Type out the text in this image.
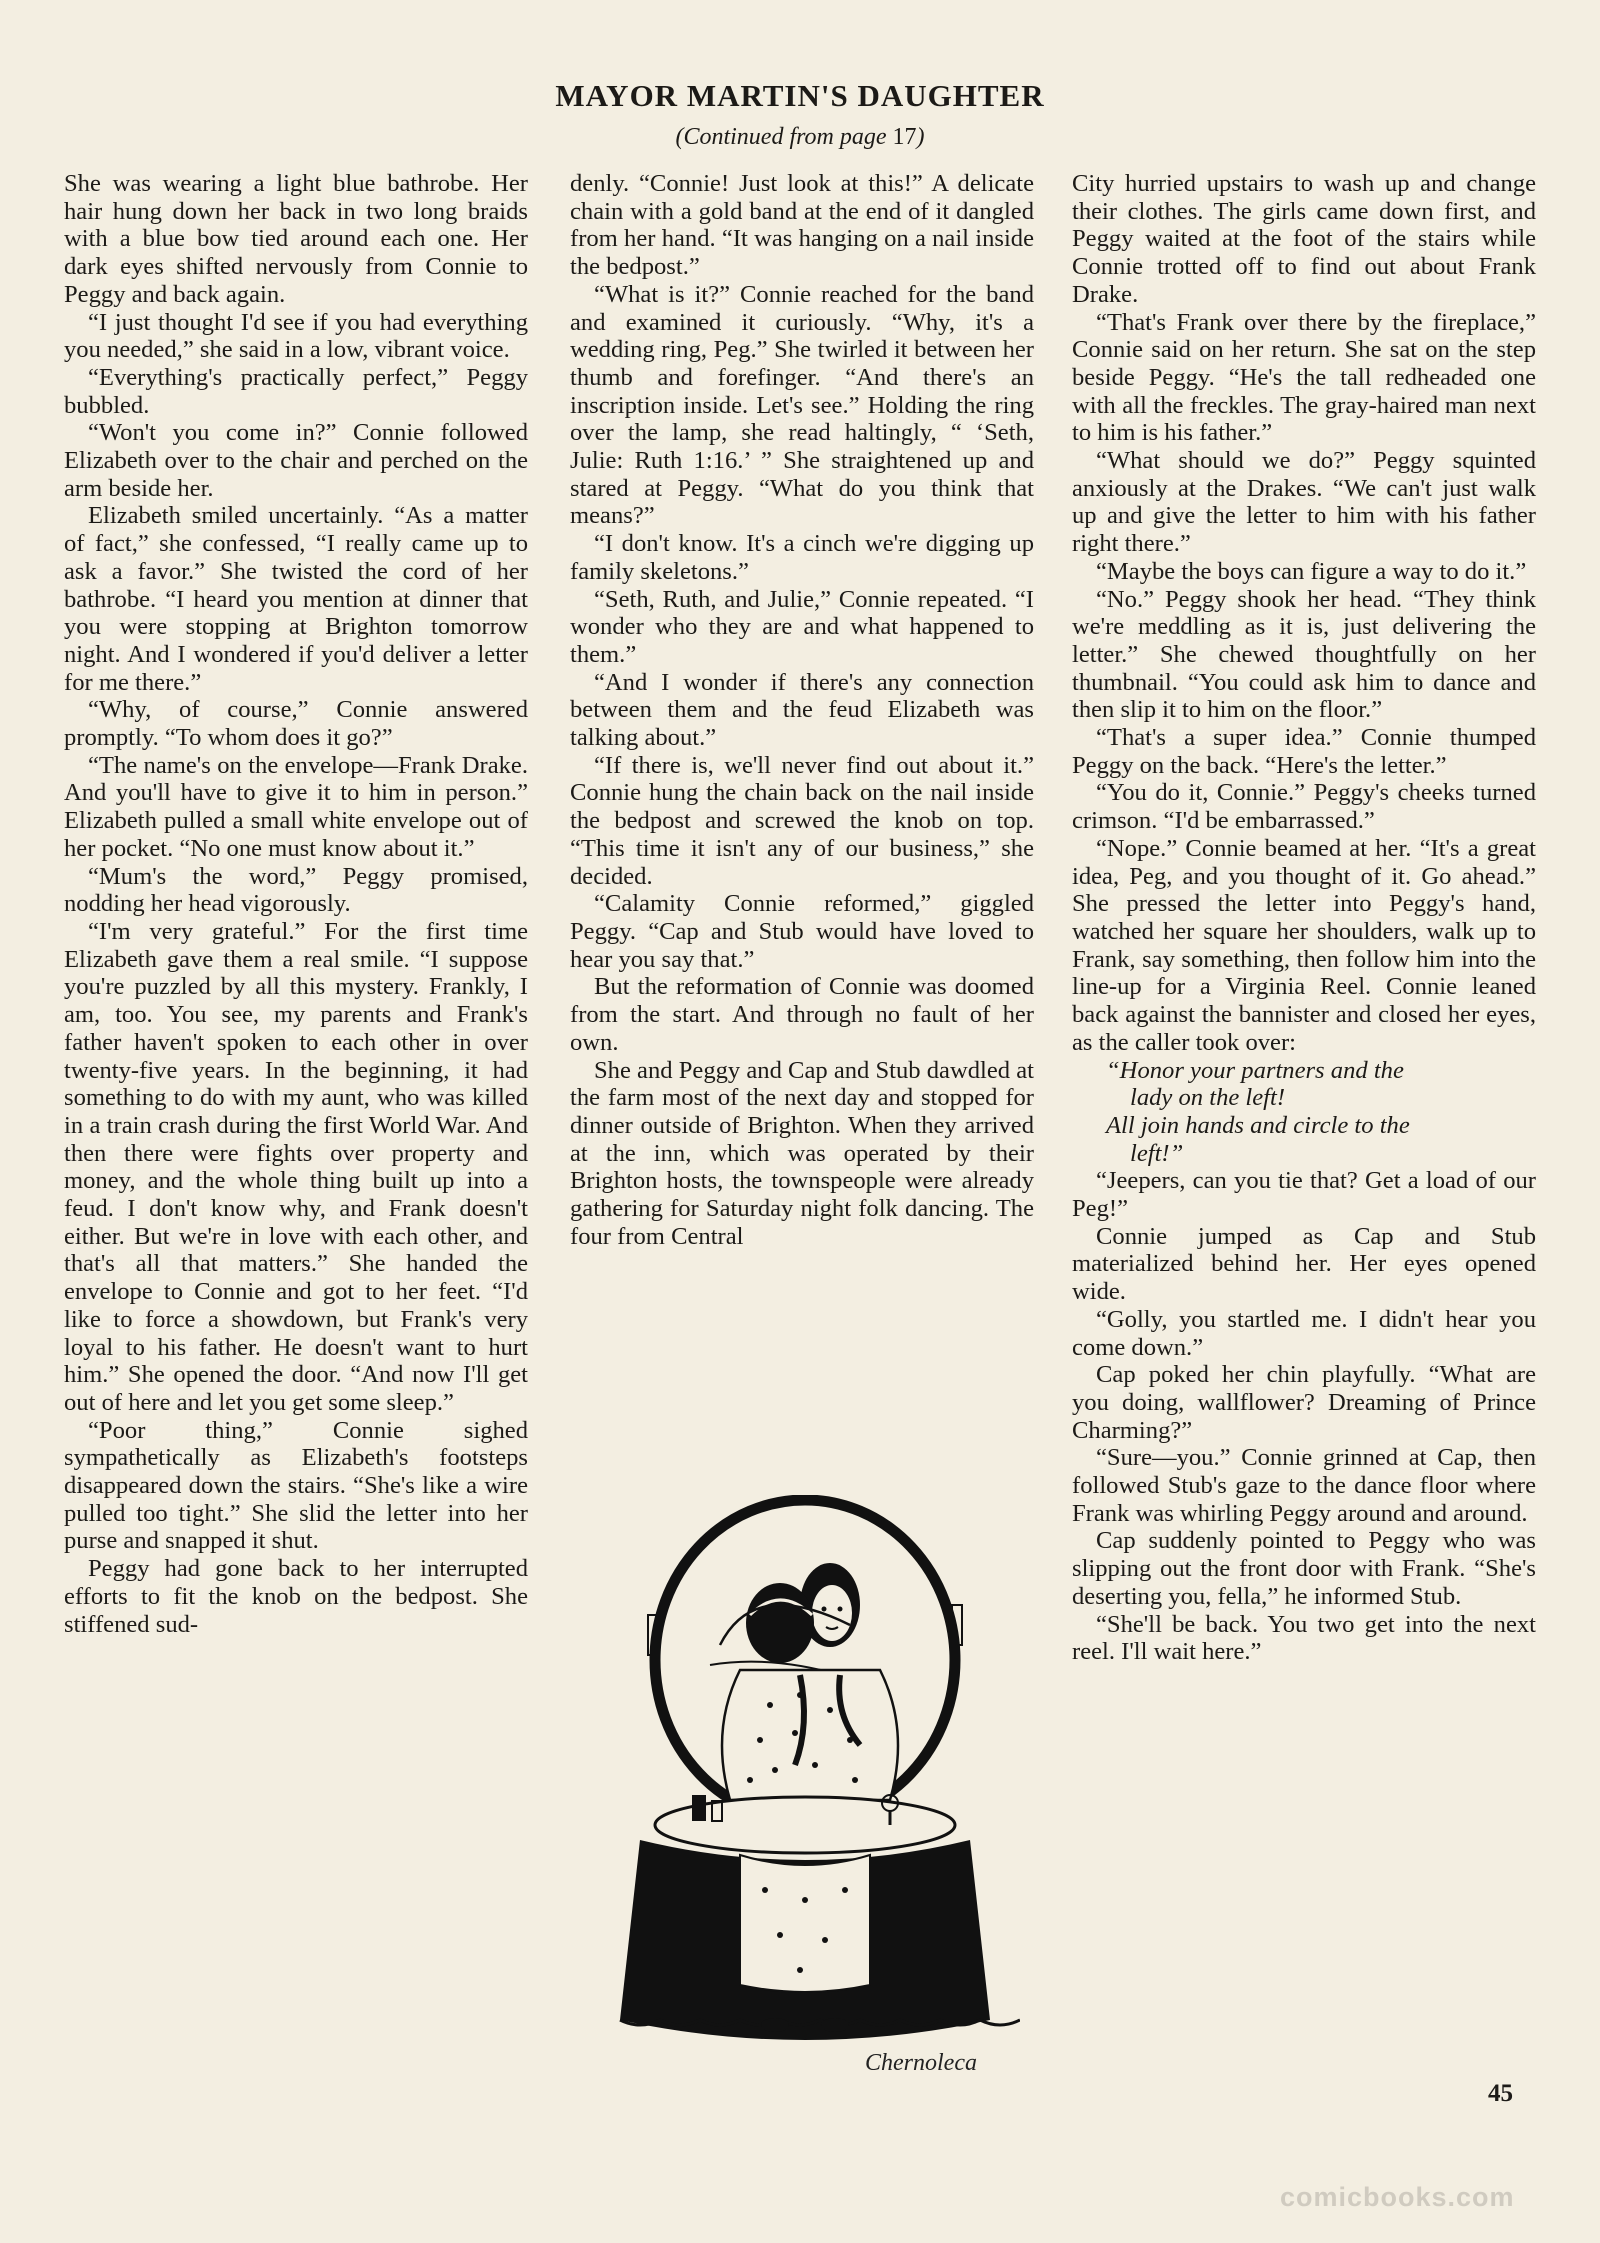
MAYOR MARTIN'S DAUGHTER
(Continued from page 17)

She was wearing a light blue bathrobe. Her hair hung down her back in two long braids with a blue bow tied around each one. Her dark eyes shifted nervously from Connie to Peggy and back again.

“I just thought I'd see if you had everything you needed,” she said in a low, vibrant voice.

“Everything's practically perfect,” Peggy bubbled.

“Won't you come in?” Connie followed Elizabeth over to the chair and perched on the arm beside her.

Elizabeth smiled uncertainly. “As a matter of fact,” she confessed, “I really came up to ask a favor.” She twisted the cord of her bathrobe. “I heard you mention at dinner that you were stopping at Brighton tomorrow night. And I wondered if you'd deliver a letter for me there.”

“Why, of course,” Connie answered promptly. “To whom does it go?”

“The name's on the envelope—Frank Drake. And you'll have to give it to him in person.” Elizabeth pulled a small white envelope out of her pocket. “No one must know about it.”

“Mum's the word,” Peggy promised, nodding her head vigorously.

“I'm very grateful.” For the first time Elizabeth gave them a real smile. “I suppose you're puzzled by all this mystery. Frankly, I am, too. You see, my parents and Frank's father haven't spoken to each other in over twenty-five years. In the beginning, it had something to do with my aunt, who was killed in a train crash during the first World War. And then there were fights over property and money, and the whole thing built up into a feud. I don't know why, and Frank doesn't either. But we're in love with each other, and that's all that matters.” She handed the envelope to Connie and got to her feet. “I'd like to force a showdown, but Frank's very loyal to his father. He doesn't want to hurt him.” She opened the door. “And now I'll get out of here and let you get some sleep.”

“Poor thing,” Connie sighed sympathetically as Elizabeth's footsteps disappeared down the stairs. “She's like a wire pulled too tight.” She slid the letter into her purse and snapped it shut.

Peggy had gone back to her interrupted efforts to fit the knob on the bedpost. She stiffened sud-

denly. “Connie! Just look at this!” A delicate chain with a gold band at the end of it dangled from her hand. “It was hanging on a nail inside the bedpost.”

“What is it?” Connie reached for the band and examined it curiously. “Why, it's a wedding ring, Peg.” She twirled it between her thumb and forefinger. “And there's an inscription inside. Let's see.” Holding the ring over the lamp, she read haltingly, “ ‘Seth, Julie: Ruth 1:16.’ ” She straightened up and stared at Peggy. “What do you think that means?”

“I don't know. It's a cinch we're digging up family skeletons.”

“Seth, Ruth, and Julie,” Connie repeated. “I wonder who they are and what happened to them.”

“And I wonder if there's any connection between them and the feud Elizabeth was talking about.”

“If there is, we'll never find out about it.” Connie hung the chain back on the nail inside the bedpost and screwed the knob on top. “This time it isn't any of our business,” she decided.

“Calamity Connie reformed,” giggled Peggy. “Cap and Stub would have loved to hear you say that.”

But the reformation of Connie was doomed from the start. And through no fault of her own.

She and Peggy and Cap and Stub dawdled at the farm most of the next day and stopped for dinner outside of Brighton. When they arrived at the inn, which was operated by their Brighton hosts, the townspeople were already gathering for Saturday night folk dancing. The four from Central

City hurried upstairs to wash up and change their clothes. The girls came down first, and Peggy waited at the foot of the stairs while Connie trotted off to find out about Frank Drake.

“That's Frank over there by the fireplace,” Connie said on her return. She sat on the step beside Peggy. “He's the tall redheaded one with all the freckles. The gray-haired man next to him is his father.”

“What should we do?” Peggy squinted anxiously at the Drakes. “We can't just walk up and give the letter to him with his father right there.”

“Maybe the boys can figure a way to do it.”

“No.” Peggy shook her head. “They think we're meddling as it is, just delivering the letter.” She chewed thoughtfully on her thumbnail. “You could ask him to dance and then slip it to him on the floor.”

“That's a super idea.” Connie thumped Peggy on the back. “Here's the letter.”

“You do it, Connie.” Peggy's cheeks turned crimson. “I'd be embarrassed.”

“Nope.” Connie beamed at her. “It's a great idea, Peg, and you thought of it. Go ahead.” She pressed the letter into Peggy's hand, watched her square her shoulders, walk up to Frank, say something, then follow him into the line-up for a Virginia Reel. Connie leaned back against the bannister and closed her eyes, as the caller took over:

“Honor your partners and the

lady on the left!

All join hands and circle to the

left!”

“Jeepers, can you tie that? Get a load of our Peg!”

Connie jumped as Cap and Stub materialized behind her. Her eyes opened wide.

“Golly, you startled me. I didn't hear you come down.”

Cap poked her chin playfully. “What are you doing, wallflower? Dreaming of Prince Charming?”

“Sure—you.” Connie grinned at Cap, then followed Stub's gaze to the dance floor where Frank was whirling Peggy around and around.

Cap suddenly pointed to Peggy who was slipping out the front door with Frank. “She's deserting you, fella,” he informed Stub.

“She'll be back. You two get into the next reel. I'll wait here.”

Chernoleca
45
comicbooks.com
